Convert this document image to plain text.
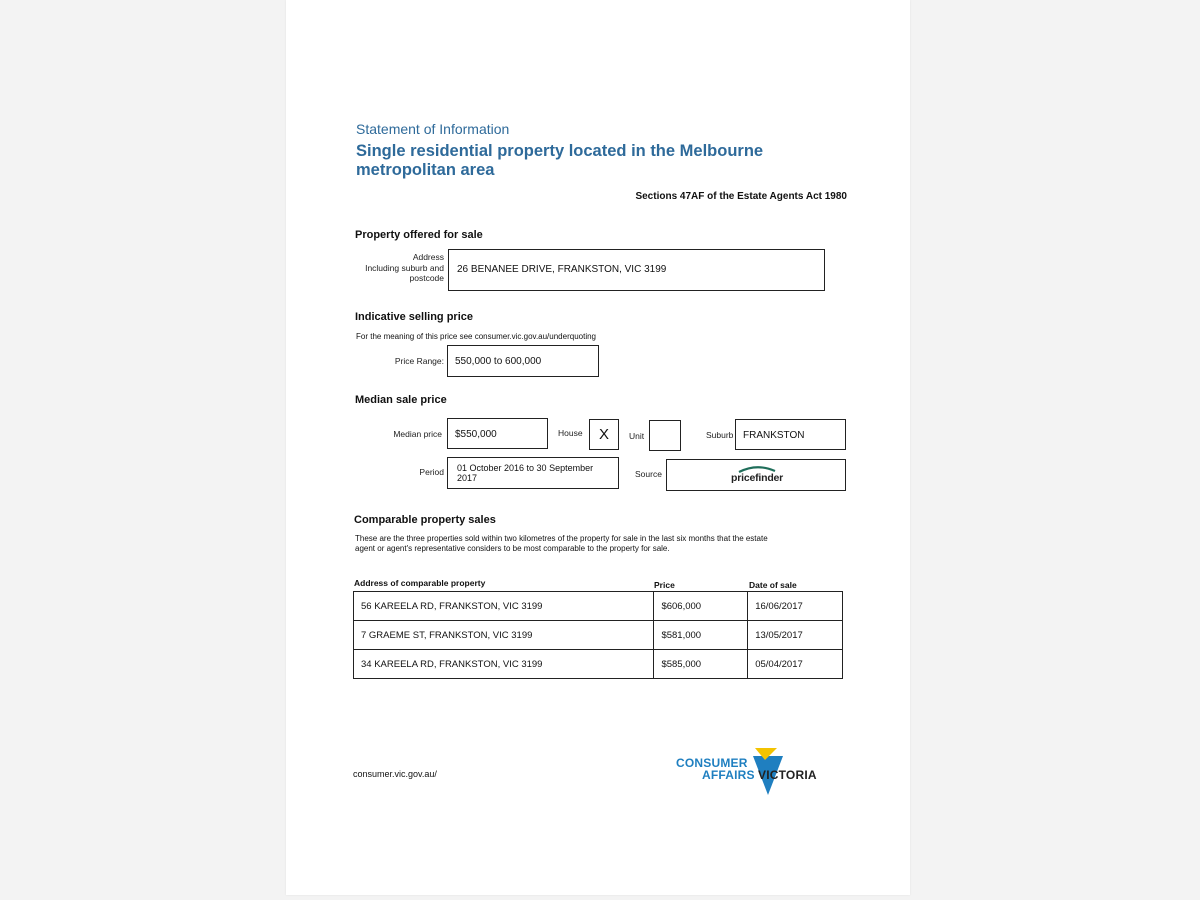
Statement of Information
Single residential property located in the Melbourne
metropolitan area
Sections 47AF of the Estate Agents Act 1980
Property offered for sale
Address
Including suburb and
postcode
26 BENANEE DRIVE, FRANKSTON, VIC 3199
Indicative selling price
For the meaning of this price see consumer.vic.gov.au/underquoting
Price Range: 550,000 to 600,000
Median sale price
Median price $550,000	House	X	Unit	Suburb FRANKSTON
Period 01 October 2016 to 30 September
2017	Source	pricefinder
Comparable property sales
These are the three properties sold within two kilometres of the property for sale in the last six months that the estate
agent or agent's representative considers to be most comparable to the property for sale.
Address of comparable property	Price	Date of sale
56 KAREELA RD, FRANKSTON, VIC 3199	$606,000	16/06/2017
7 GRAEME ST, FRANKSTON, VIC 3199	$581,000	13/05/2017
34 KAREELA RD, FRANKSTON, VIC 3199	$585,000	05/04/2017
consumer.vic.gov.au/
CONSUMER
AFFAIRS VICTORIA
